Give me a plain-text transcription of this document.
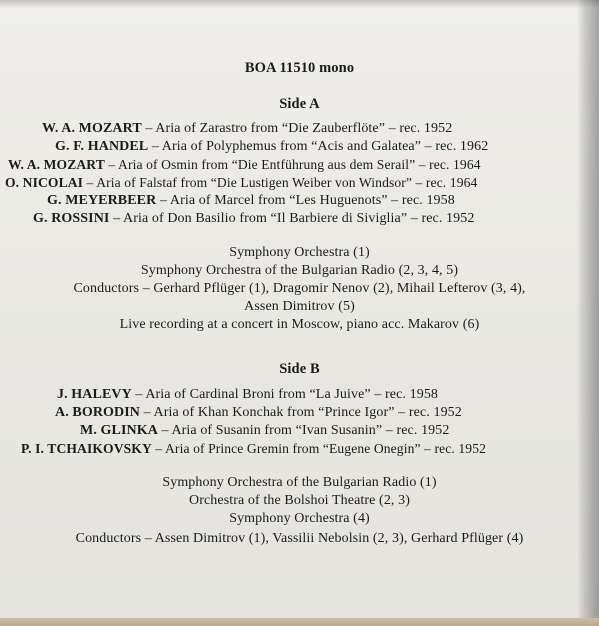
BOA 11510 mono
Side A
W. A. MOZART – Aria of Zarastro from “Die Zauberflöte” – rec. 1952
G. F. HANDEL – Aria of Polyphemus from “Acis and Galatea” – rec. 1962
W. A. MOZART – Aria of Osmin from “Die Entführung aus dem Serail” – rec. 1964
O. NICOLAI – Aria of Falstaf from “Die Lustigen Weiber von Windsor” – rec. 1964
G. MEYERBEER – Aria of Marcel from “Les Huguenots” – rec. 1958
G. ROSSINI – Aria of Don Basilio from “Il Barbiere di Siviglia” – rec. 1952
Symphony Orchestra (1)
Symphony Orchestra of the Bulgarian Radio (2, 3, 4, 5)
Conductors – Gerhard Pflüger (1), Dragomir Nenov (2), Mihail Lefterov (3, 4),
Assen Dimitrov (5)
Live recording at a concert in Moscow, piano acc. Makarov (6)
Side B
J. HALEVY – Aria of Cardinal Broni from “La Juive” – rec. 1958
A. BORODIN – Aria of Khan Konchak from “Prince Igor” – rec. 1952
M. GLINKA – Aria of Susanin from “Ivan Susanin” – rec. 1952
P. I. TCHAIKOVSKY – Aria of Prince Gremin from “Eugene Onegin” – rec. 1952
Symphony Orchestra of the Bulgarian Radio (1)
Orchestra of the Bolshoi Theatre (2, 3)
Symphony Orchestra (4)
Conductors – Assen Dimitrov (1), Vassilii Nebolsin (2, 3), Gerhard Pflüger (4)
